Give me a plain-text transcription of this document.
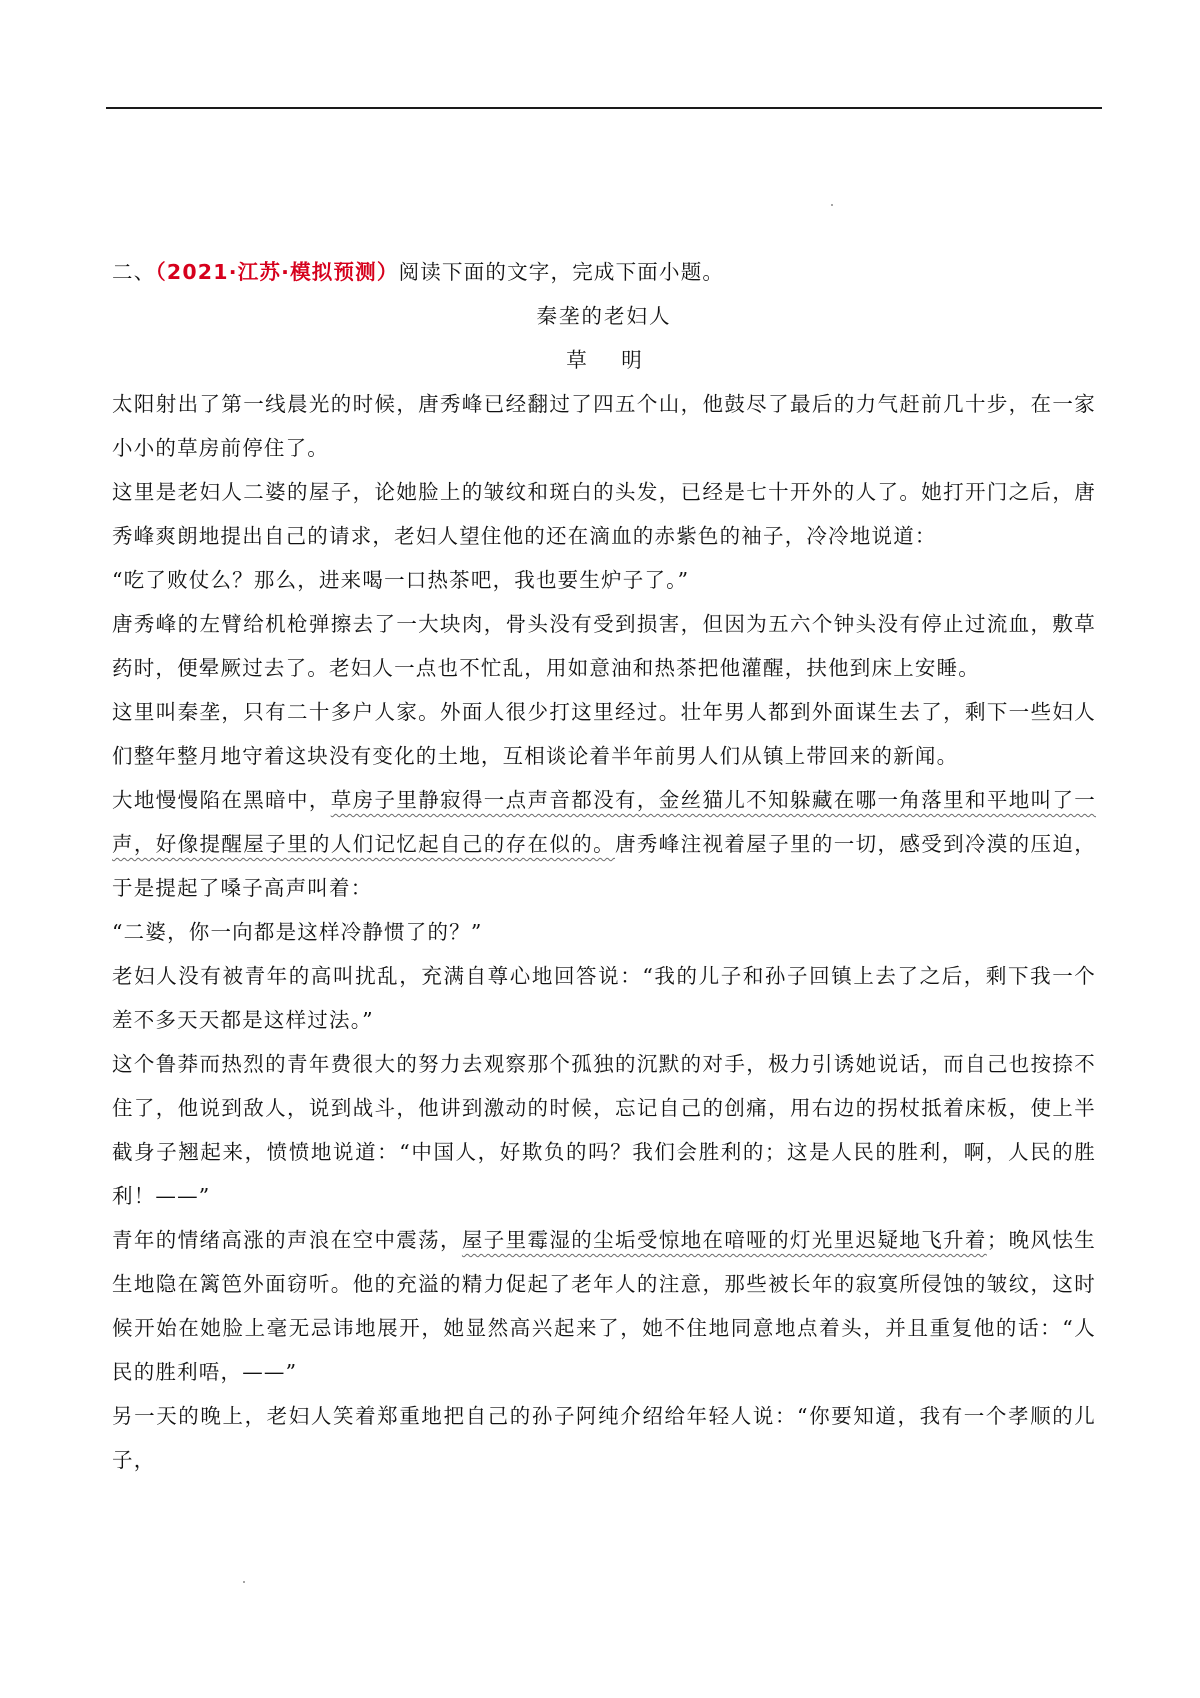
二、（2021·江苏·模拟预测）阅读下面的文字，完成下面小题。

秦垄的老妇人

草 明

太阳射出了第一线晨光的时候，唐秀峰已经翻过了四五个山，他鼓尽了最后的力气赶前几十步，在一家小小的草房前停住了。

这里是老妇人二婆的屋子，论她脸上的皱纹和斑白的头发，已经是七十开外的人了。她打开门之后，唐秀峰爽朗地提出自己的请求，老妇人望住他的还在滴血的赤紫色的袖子，冷冷地说道：

“吃了败仗么？那么，进来喝一口热茶吧，我也要生炉子了。”

唐秀峰的左臂给机枪弹擦去了一大块肉，骨头没有受到损害，但因为五六个钟头没有停止过流血，敷草药时，便晕厥过去了。老妇人一点也不忙乱，用如意油和热茶把他灌醒，扶他到床上安睡。

这里叫秦垄，只有二十多户人家。外面人很少打这里经过。壮年男人都到外面谋生去了，剩下一些妇人们整年整月地守着这块没有变化的土地，互相谈论着半年前男人们从镇上带回来的新闻。

大地慢慢陷在黑暗中，草房子里静寂得一点声音都没有，金丝猫儿不知躲藏在哪一角落里和平地叫了一声，好像提醒屋子里的人们记忆起自己的存在似的。唐秀峰注视着屋子里的一切，感受到冷漠的压迫，于是提起了嗓子高声叫着：

“二婆，你一向都是这样冷静惯了的？”

老妇人没有被青年的高叫扰乱，充满自尊心地回答说：“我的儿子和孙子回镇上去了之后，剩下我一个差不多天天都是这样过法。”

这个鲁莽而热烈的青年费很大的努力去观察那个孤独的沉默的对手，极力引诱她说话，而自己也按捺不住了，他说到敌人，说到战斗，他讲到激动的时候，忘记自己的创痛，用右边的拐杖抵着床板，使上半截身子翘起来，愤愤地说道：“中国人，好欺负的吗？我们会胜利的；这是人民的胜利，啊，人民的胜利！——”

青年的情绪高涨的声浪在空中震荡，屋子里霉湿的尘垢受惊地在喑哑的灯光里迟疑地飞升着；晚风怯生生地隐在篱笆外面窃听。他的充溢的精力促起了老年人的注意，那些被长年的寂寞所侵蚀的皱纹，这时候开始在她脸上毫无忌讳地展开，她显然高兴起来了，她不住地同意地点着头，并且重复他的话：“人民的胜利唔，——”

另一天的晚上，老妇人笑着郑重地把自己的孙子阿纯介绍给年轻人说：“你要知道，我有一个孝顺的儿子，
